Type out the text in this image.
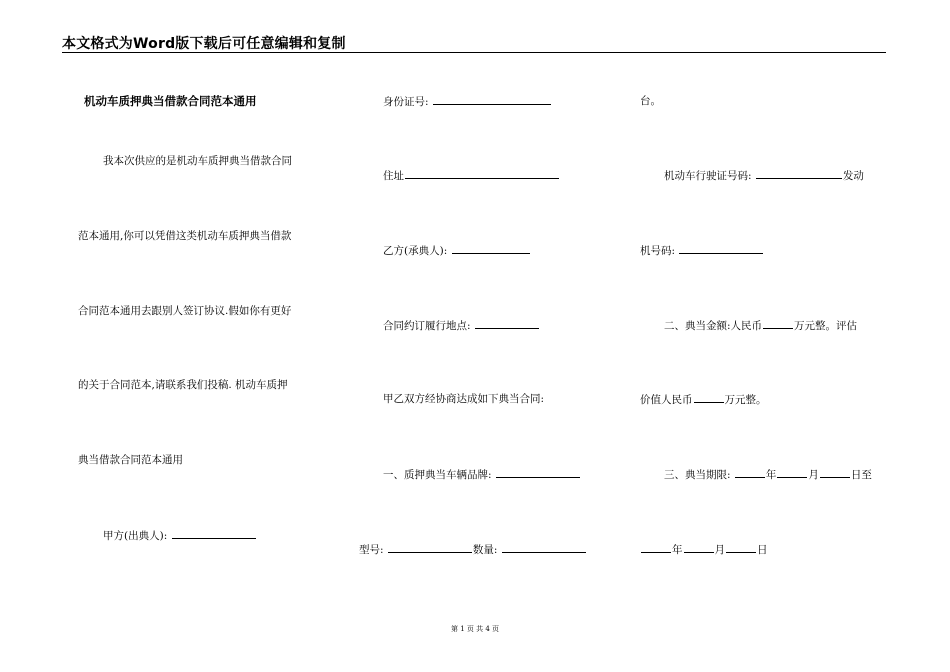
本文格式为Word版下载后可任意编辑和复制
机动车质押典当借款合同范本通用
我本次供应的是机动车质押典当借款合同
范本通用,你可以凭借这类机动车质押典当借款
合同范本通用去跟别人签订协议.假如你有更好
的关于合同范本,请联系我们投稿. 机动车质押
典当借款合同范本通用
甲方(出典人):
身份证号:
住址
乙方(承典人):
合同约订履行地点:
甲乙双方经协商达成如下典当合同:
一、质押典当车辆品牌:
型号:	数量:
台。
机动车行驶证号码:	发动
机号码:
二、典当金额:人民币	万元整。评估
价值人民币	万元整。
三、典当期限:	年	月	日至
年	月	日
第 1 页 共 4 页
